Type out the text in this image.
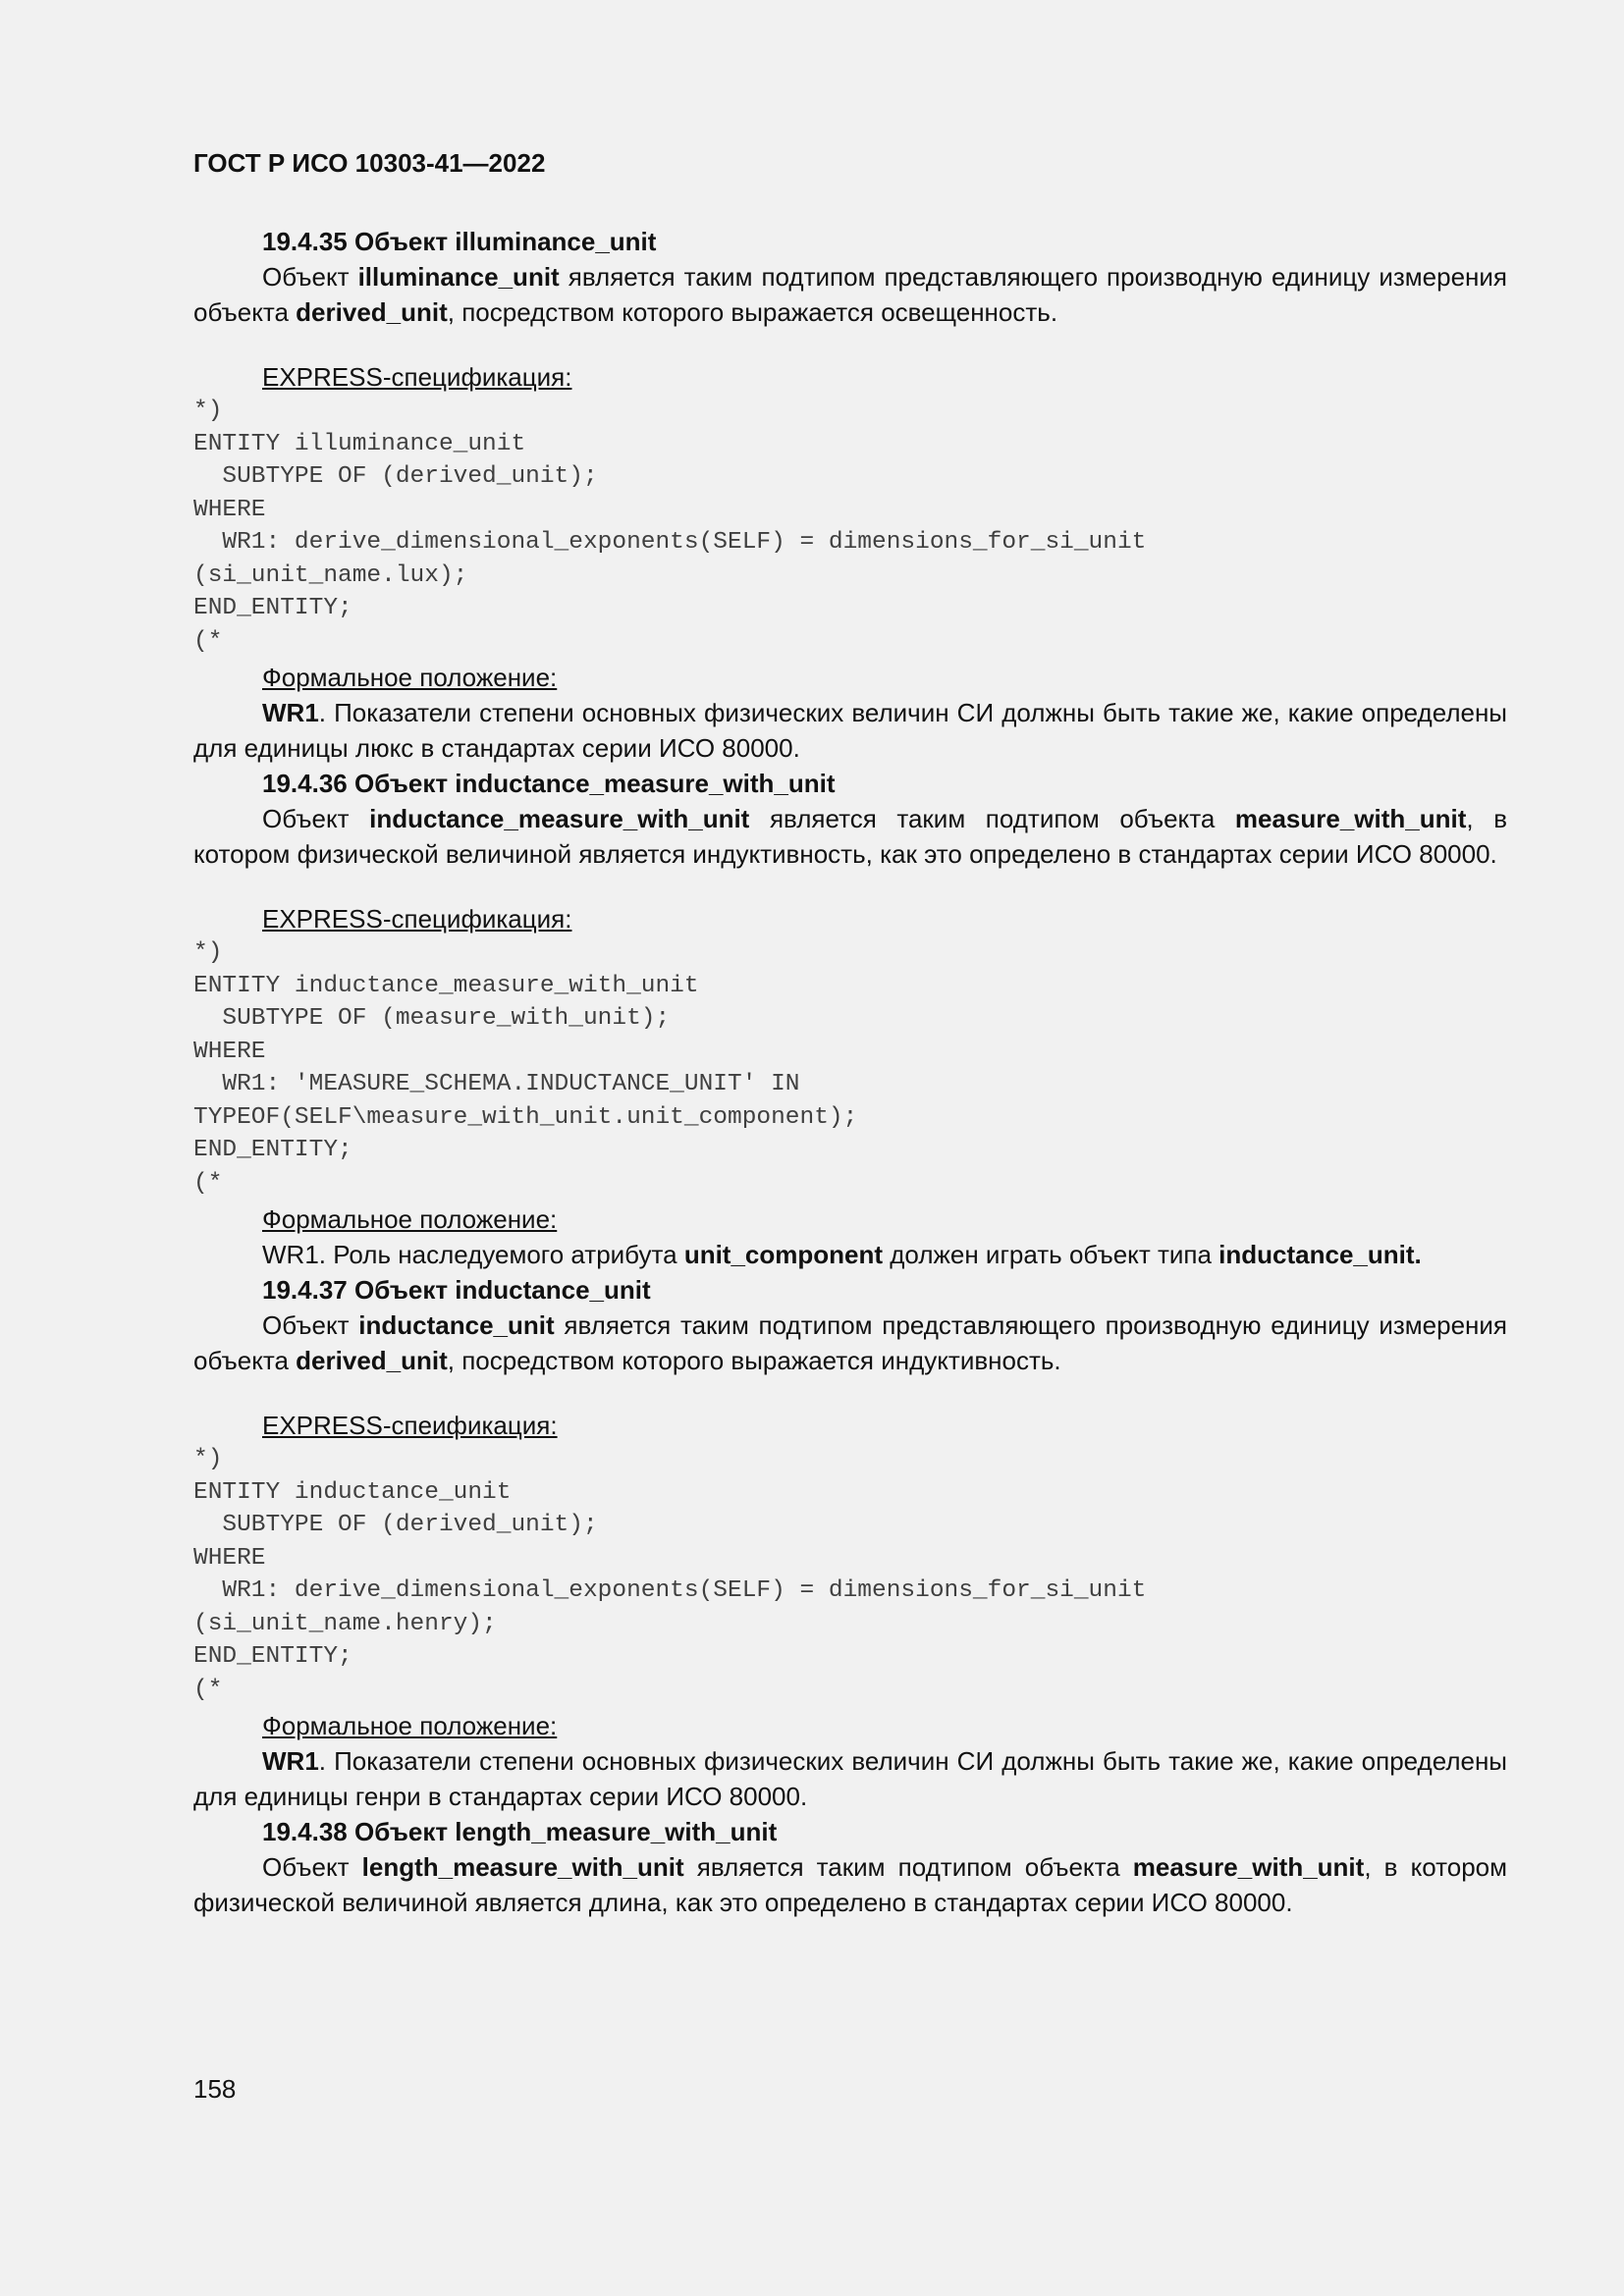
ГОСТ Р ИСО 10303-41—2022

19.4.35 Объект illuminance_unit

Объект illuminance_unit является таким подтипом представляющего производную единицу измерения объекта derived_unit, посредством которого выражается освещенность.

EXPRESS-спецификация:

*)
ENTITY illuminance_unit
SUBTYPE OF (derived_unit);
WHERE
WR1: derive_dimensional_exponents(SELF) = dimensions_for_si_unit
(si_unit_name.lux);
END_ENTITY;
(*

Формальное положение:

WR1. Показатели степени основных физических величин СИ должны быть такие же, какие определены для единицы люкс в стандартах серии ИСО 80000.

19.4.36 Объект inductance_measure_with_unit

Объект inductance_measure_with_unit является таким подтипом объекта measure_with_unit, в котором физической величиной является индуктивность, как это определено в стандартах серии ИСО 80000.

EXPRESS-спецификация:

*)
ENTITY inductance_measure_with_unit
SUBTYPE OF (measure_with_unit);
WHERE
WR1: 'MEASURE_SCHEMA.INDUCTANCE_UNIT' IN
TYPEOF(SELF\measure_with_unit.unit_component);
END_ENTITY;
(*

Формальное положение:

WR1. Роль наследуемого атрибута unit_component должен играть объект типа inductance_unit.

19.4.37 Объект inductance_unit

Объект inductance_unit является таким подтипом представляющего производную единицу измерения объекта derived_unit, посредством которого выражается индуктивность.

EXPRESS-спеификация:

*)
ENTITY inductance_unit
SUBTYPE OF (derived_unit);
WHERE
WR1: derive_dimensional_exponents(SELF) = dimensions_for_si_unit
(si_unit_name.henry);
END_ENTITY;
(*

Формальное положение:

WR1. Показатели степени основных физических величин СИ должны быть такие же, какие определены для единицы генри в стандартах серии ИСО 80000.

19.4.38 Объект length_measure_with_unit

Объект length_measure_with_unit является таким подтипом объекта measure_with_unit, в котором физической величиной является длина, как это определено в стандартах серии ИСО 80000.

158
